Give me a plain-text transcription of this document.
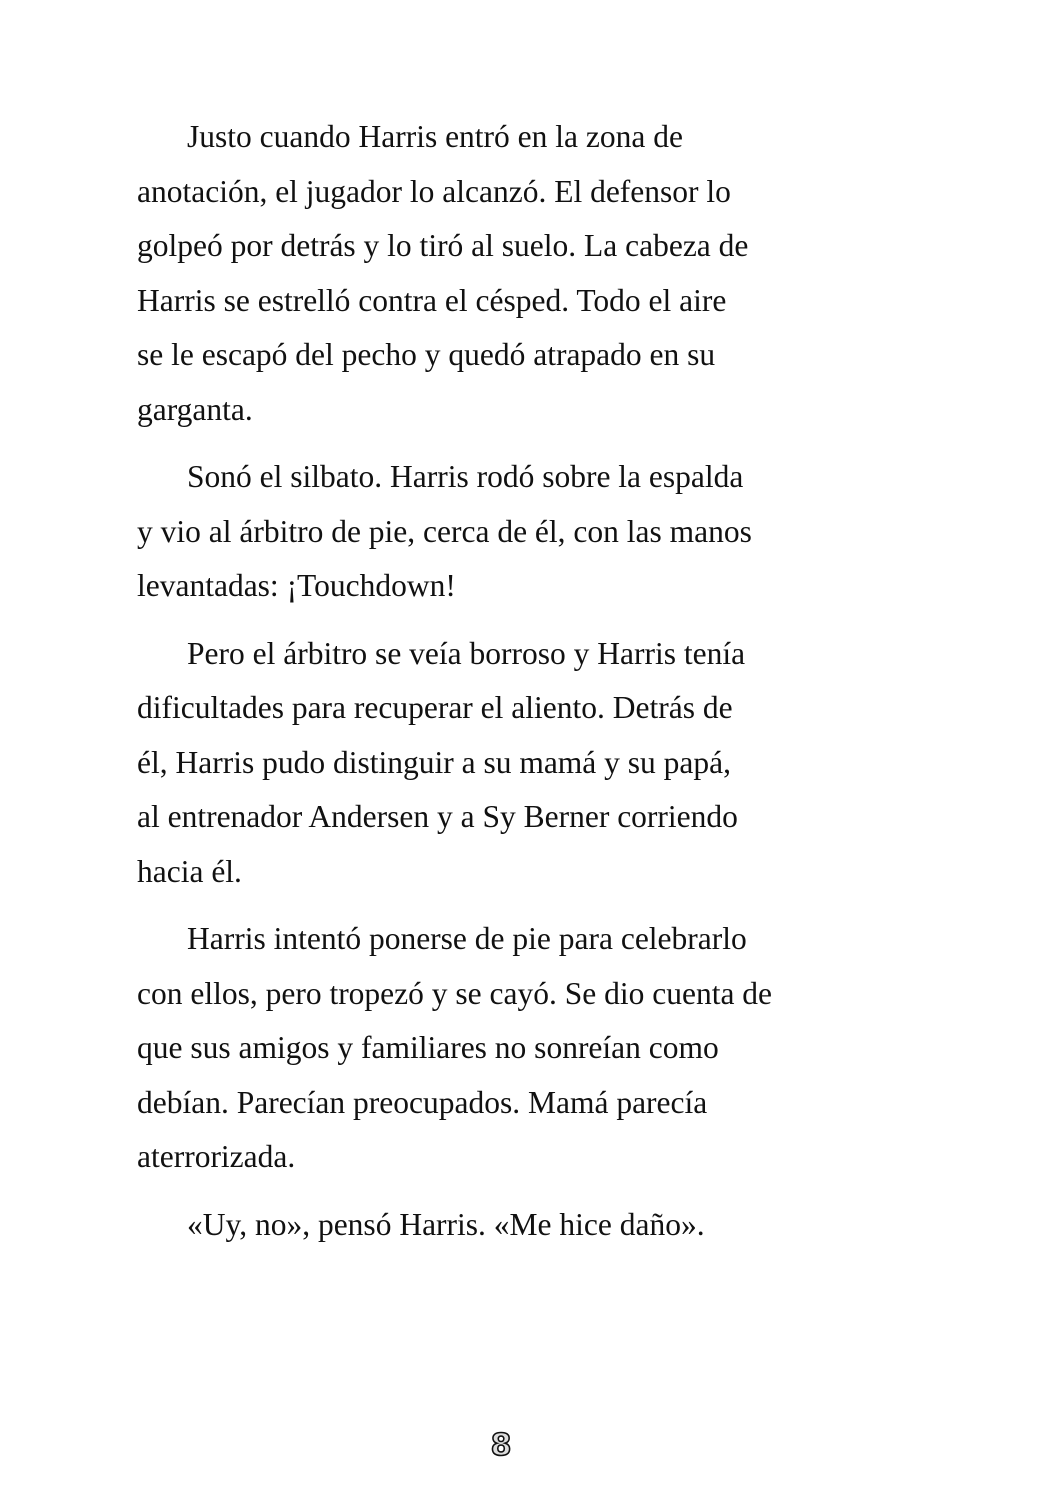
Justo cuando Harris entró en la zona de
anotación, el jugador lo alcanzó. El defensor lo
golpeó por detrás y lo tiró al suelo. La cabeza de
Harris se estrelló contra el césped. Todo el aire
se le escapó del pecho y quedó atrapado en su
garganta.
Sonó el silbato. Harris rodó sobre la espalda
y vio al árbitro de pie, cerca de él, con las manos
levantadas: ¡Touchdown!
Pero el árbitro se veía borroso y Harris tenía
dificultades para recuperar el aliento. Detrás de
él, Harris pudo distinguir a su mamá y su papá,
al entrenador Andersen y a Sy Berner corriendo
hacia él.
Harris intentó ponerse de pie para celebrarlo
con ellos, pero tropezó y se cayó. Se dio cuenta de
que sus amigos y familiares no sonreían como
debían. Parecían preocupados. Mamá parecía
aterrorizada.
«Uy, no», pensó Harris. «Me hice daño».
8
